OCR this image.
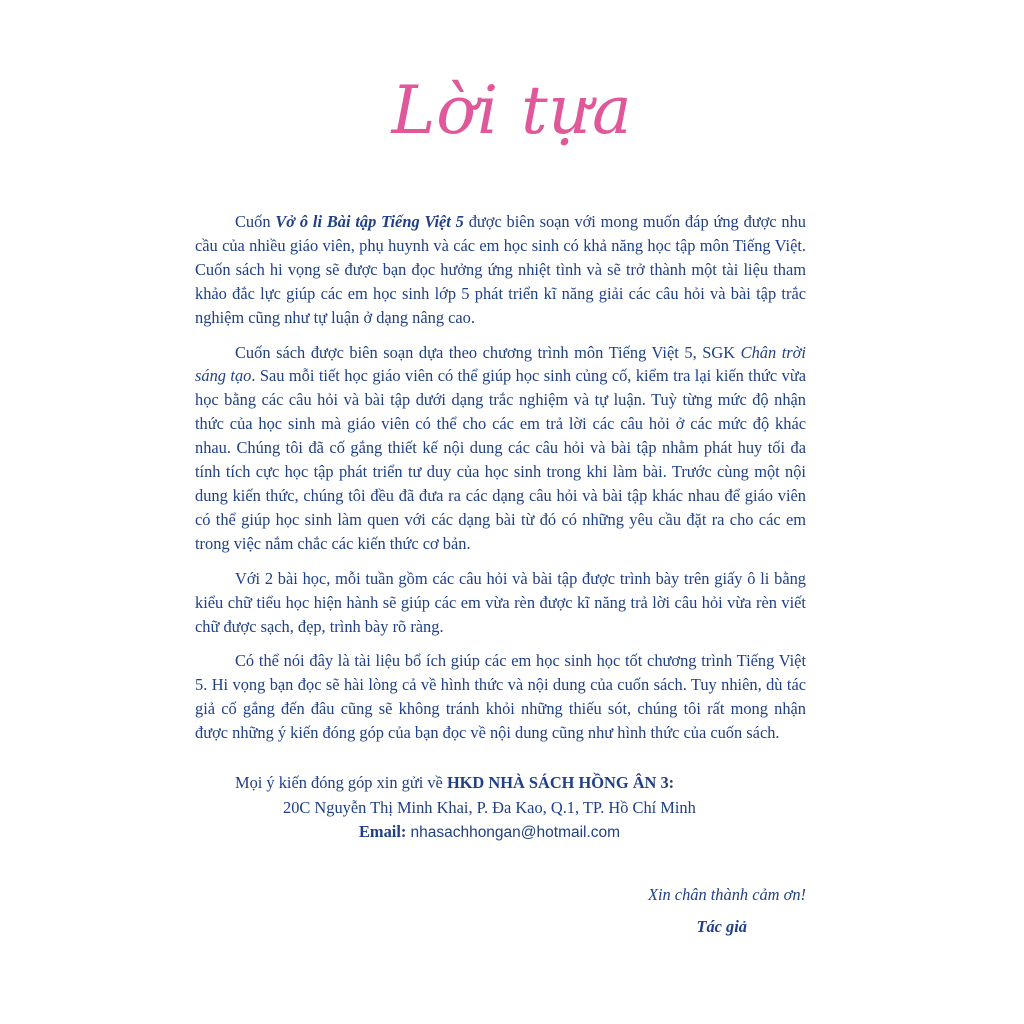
Lời tựa

Cuốn Vở ô li Bài tập Tiếng Việt 5 được biên soạn với mong muốn đáp ứng được nhu cầu của nhiều giáo viên, phụ huynh và các em học sinh có khả năng học tập môn Tiếng Việt. Cuốn sách hi vọng sẽ được bạn đọc hưởng ứng nhiệt tình và sẽ trở thành một tài liệu tham khảo đắc lực giúp các em học sinh lớp 5 phát triển kĩ năng giải các câu hỏi và bài tập trắc nghiệm cũng như tự luận ở dạng nâng cao.

Cuốn sách được biên soạn dựa theo chương trình môn Tiếng Việt 5, SGK Chân trời sáng tạo. Sau mỗi tiết học giáo viên có thể giúp học sinh củng cố, kiểm tra lại kiến thức vừa học bằng các câu hỏi và bài tập dưới dạng trắc nghiệm và tự luận. Tuỳ từng mức độ nhận thức của học sinh mà giáo viên có thể cho các em trả lời các câu hỏi ở các mức độ khác nhau. Chúng tôi đã cố gắng thiết kế nội dung các câu hỏi và bài tập nhằm phát huy tối đa tính tích cực học tập phát triển tư duy của học sinh trong khi làm bài. Trước cùng một nội dung kiến thức, chúng tôi đều đã đưa ra các dạng câu hỏi và bài tập khác nhau để giáo viên có thể giúp học sinh làm quen với các dạng bài từ đó có những yêu cầu đặt ra cho các em trong việc nắm chắc các kiến thức cơ bản.

Với 2 bài học, mỗi tuần gồm các câu hỏi và bài tập được trình bày trên giấy ô li bằng kiểu chữ tiểu học hiện hành sẽ giúp các em vừa rèn được kĩ năng trả lời câu hỏi vừa rèn viết chữ được sạch, đẹp, trình bày rõ ràng.

Có thể nói đây là tài liệu bổ ích giúp các em học sinh học tốt chương trình Tiếng Việt 5. Hi vọng bạn đọc sẽ hài lòng cả về hình thức và nội dung của cuốn sách. Tuy nhiên, dù tác giả cố gắng đến đâu cũng sẽ không tránh khỏi những thiếu sót, chúng tôi rất mong nhận được những ý kiến đóng góp của bạn đọc về nội dung cũng như hình thức của cuốn sách.

Mọi ý kiến đóng góp xin gửi về HKD NHÀ SÁCH HỒNG ÂN 3:
20C Nguyễn Thị Minh Khai, P. Đa Kao, Q.1, TP. Hồ Chí Minh
Email: nhasachhongan@hotmail.com
Xin chân thành cảm ơn!
Tác giả
